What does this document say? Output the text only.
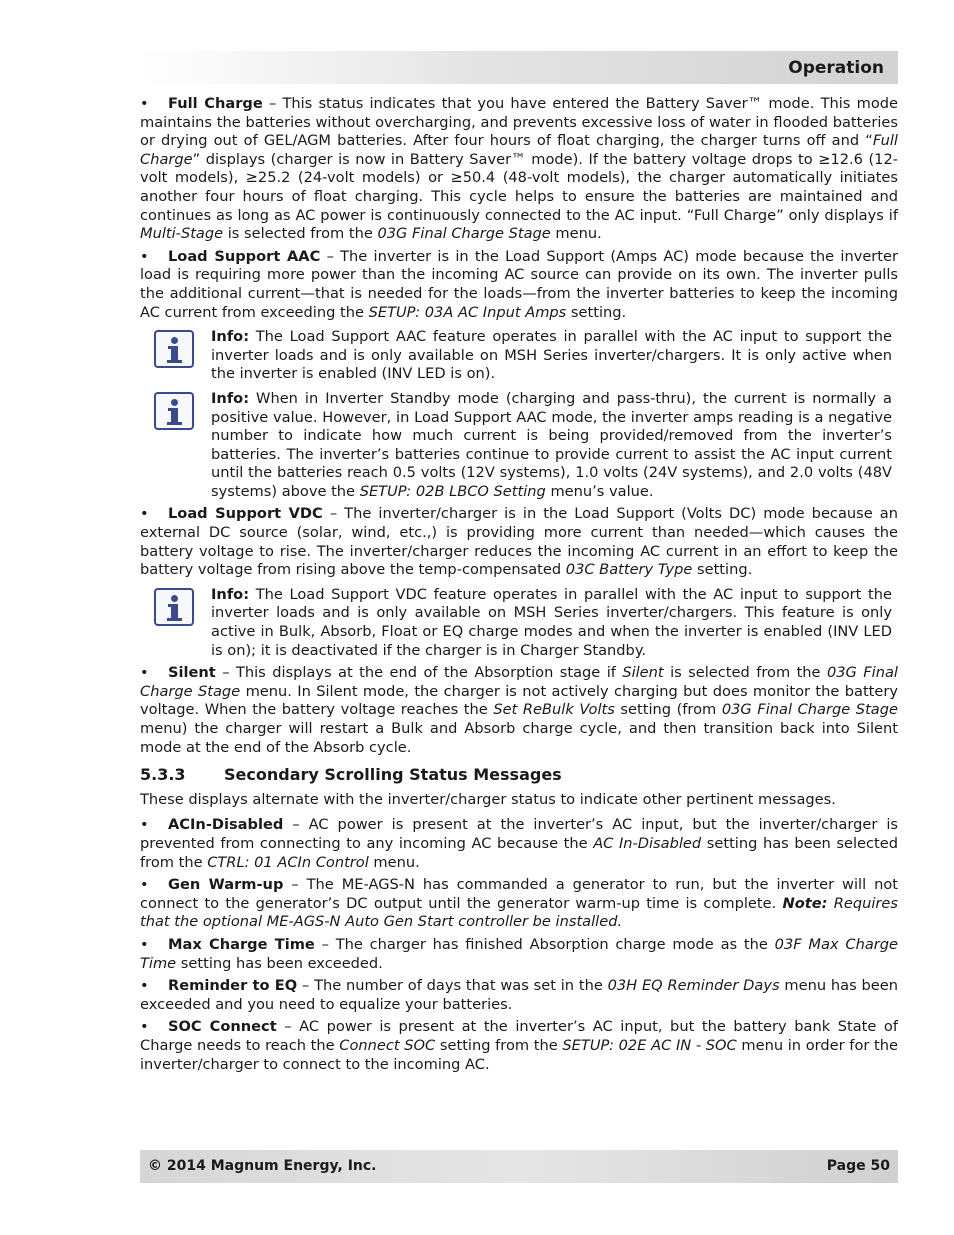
Operation

• Full Charge – This status indicates that you have entered the Battery Saver™ mode. This mode maintains the batteries without overcharging, and prevents excessive loss of water in flooded batteries or drying out of GEL/AGM batteries. After four hours of float charging, the charger turns off and “Full Charge” displays (charger is now in Battery Saver™ mode). If the battery voltage drops to ≥12.6 (12-volt models), ≥25.2 (24-volt models) or ≥50.4 (48-volt models), the charger automatically initiates another four hours of float charging. This cycle helps to ensure the batteries are maintained and continues as long as AC power is continuously connected to the AC input. “Full Charge” only displays if Multi-Stage is selected from the 03G Final Charge Stage menu.

• Load Support AAC – The inverter is in the Load Support (Amps AC) mode because the inverter load is requiring more power than the incoming AC source can provide on its own. The inverter pulls the additional current—that is needed for the loads—from the inverter batteries to keep the incoming AC current from exceeding the SETUP: 03A AC Input Amps setting.

Info: The Load Support AAC feature operates in parallel with the AC input to support the inverter loads and is only available on MSH Series inverter/chargers. It is only active when the inverter is enabled (INV LED is on).
Info: When in Inverter Standby mode (charging and pass-thru), the current is normally a positive value. However, in Load Support AAC mode, the inverter amps reading is a negative number to indicate how much current is being provided/removed from the inverter’s batteries. The inverter’s batteries continue to provide current to assist the AC input current until the batteries reach 0.5 volts (12V systems), 1.0 volts (24V systems), and 2.0 volts (48V systems) above the SETUP: 02B LBCO Setting menu’s value.

• Load Support VDC – The inverter/charger is in the Load Support (Volts DC) mode because an external DC source (solar, wind, etc.,) is providing more current than needed—which causes the battery voltage to rise. The inverter/charger reduces the incoming AC current in an effort to keep the battery voltage from rising above the temp-compensated 03C Battery Type setting.

Info: The Load Support VDC feature operates in parallel with the AC input to support the inverter loads and is only available on MSH Series inverter/chargers. This feature is only active in Bulk, Absorb, Float or EQ charge modes and when the inverter is enabled (INV LED is on); it is deactivated if the charger is in Charger Standby.

• Silent – This displays at the end of the Absorption stage if Silent is selected from the 03G Final Charge Stage menu. In Silent mode, the charger is not actively charging but does monitor the battery voltage. When the battery voltage reaches the Set ReBulk Volts setting (from 03G Final Charge Stage menu) the charger will restart a Bulk and Absorb charge cycle, and then transition back into Silent mode at the end of the Absorb cycle.

5.3.3 Secondary Scrolling Status Messages

These displays alternate with the inverter/charger status to indicate other pertinent messages.

• ACIn-Disabled – AC power is present at the inverter’s AC input, but the inverter/charger is prevented from connecting to any incoming AC because the AC In-Disabled setting has been selected from the CTRL: 01 ACIn Control menu.

• Gen Warm-up – The ME-AGS-N has commanded a generator to run, but the inverter will not connect to the generator’s DC output until the generator warm-up time is complete. Note: Requires that the optional ME-AGS-N Auto Gen Start controller be installed.

• Max Charge Time – The charger has finished Absorption charge mode as the 03F Max Charge Time setting has been exceeded.

• Reminder to EQ – The number of days that was set in the 03H EQ Reminder Days menu has been exceeded and you need to equalize your batteries.

• SOC Connect – AC power is present at the inverter’s AC input, but the battery bank State of Charge needs to reach the Connect SOC setting from the SETUP: 02E AC IN - SOC menu in order for the inverter/charger to connect to the incoming AC.

© 2014 Magnum Energy, Inc.	Page 50
